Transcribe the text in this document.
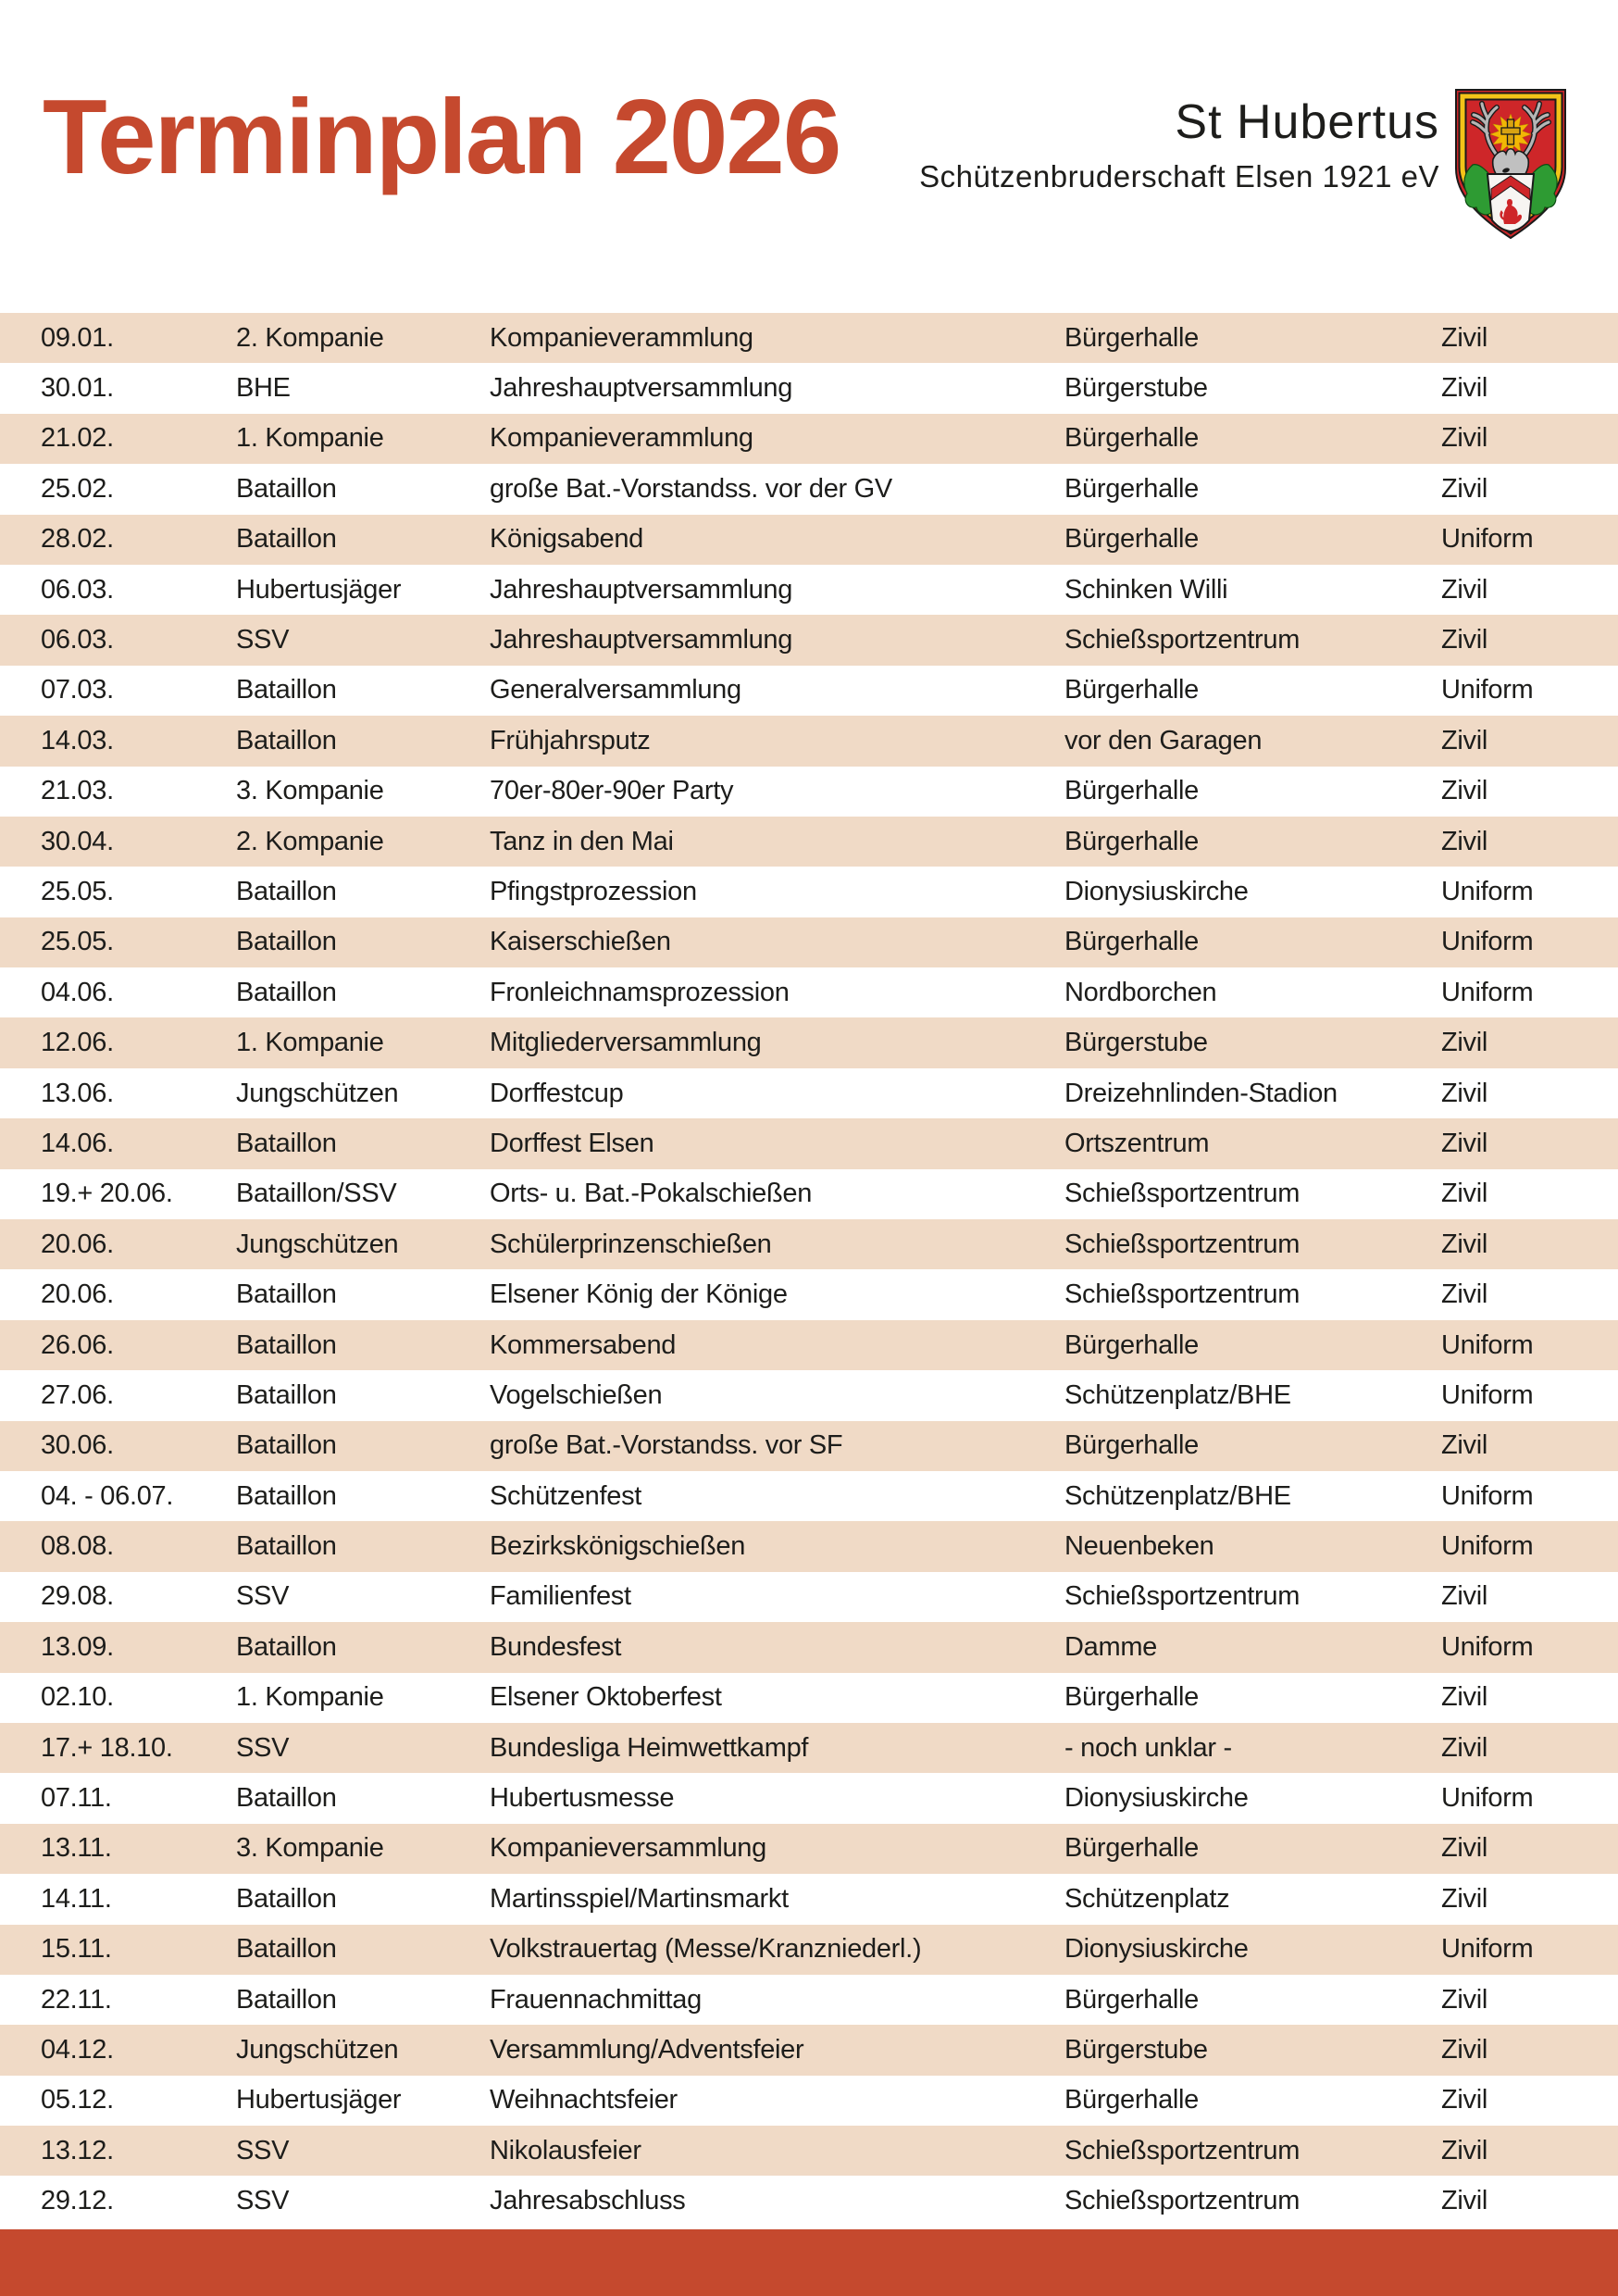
Terminplan 2026	St Hubertus
Schützenbruderschaft Elsen 1921 eV
09.01.	2. Kompanie	Kompanieverammlung	Bürgerhalle	Zivil
30.01.	BHE	Jahreshauptversammlung	Bürgerstube	Zivil
21.02.	1. Kompanie	Kompanieverammlung	Bürgerhalle	Zivil
25.02.	Bataillon	große Bat.-Vorstandss. vor der GV	Bürgerhalle	Zivil
28.02.	Bataillon	Königsabend	Bürgerhalle	Uniform
06.03.	Hubertusjäger	Jahreshauptversammlung	Schinken Willi	Zivil
06.03.	SSV	Jahreshauptversammlung	Schießsportzentrum	Zivil
07.03.	Bataillon	Generalversammlung	Bürgerhalle	Uniform
14.03.	Bataillon	Frühjahrsputz	vor den Garagen	Zivil
21.03.	3. Kompanie	70er-80er-90er Party	Bürgerhalle	Zivil
30.04.	2. Kompanie	Tanz in den Mai	Bürgerhalle	Zivil
25.05.	Bataillon	Pfingstprozession	Dionysiuskirche	Uniform
25.05.	Bataillon	Kaiserschießen	Bürgerhalle	Uniform
04.06.	Bataillon	Fronleichnamsprozession	Nordborchen	Uniform
12.06.	1. Kompanie	Mitgliederversammlung	Bürgerstube	Zivil
13.06.	Jungschützen	Dorffestcup	Dreizehnlinden-Stadion	Zivil
14.06.	Bataillon	Dorffest Elsen	Ortszentrum	Zivil
19.+ 20.06.	Bataillon/SSV	Orts- u. Bat.-Pokalschießen	Schießsportzentrum	Zivil
20.06.	Jungschützen	Schülerprinzenschießen	Schießsportzentrum	Zivil
20.06.	Bataillon	Elsener König der Könige	Schießsportzentrum	Zivil
26.06.	Bataillon	Kommersabend	Bürgerhalle	Uniform
27.06.	Bataillon	Vogelschießen	Schützenplatz/BHE	Uniform
30.06.	Bataillon	große Bat.-Vorstandss. vor SF	Bürgerhalle	Zivil
04. - 06.07.	Bataillon	Schützenfest	Schützenplatz/BHE	Uniform
08.08.	Bataillon	Bezirkskönigschießen	Neuenbeken	Uniform
29.08.	SSV	Familienfest	Schießsportzentrum	Zivil
13.09.	Bataillon	Bundesfest	Damme	Uniform
02.10.	1. Kompanie	Elsener Oktoberfest	Bürgerhalle	Zivil
17.+ 18.10.	SSV	Bundesliga Heimwettkampf	- noch unklar -	Zivil
07.11.	Bataillon	Hubertusmesse	Dionysiuskirche	Uniform
13.11.	3. Kompanie	Kompanieversammlung	Bürgerhalle	Zivil
14.11.	Bataillon	Martinsspiel/Martinsmarkt	Schützenplatz	Zivil
15.11.	Bataillon	Volkstrauertag (Messe/Kranzniederl.)	Dionysiuskirche	Uniform
22.11.	Bataillon	Frauennachmittag	Bürgerhalle	Zivil
04.12.	Jungschützen	Versammlung/Adventsfeier	Bürgerstube	Zivil
05.12.	Hubertusjäger	Weihnachtsfeier	Bürgerhalle	Zivil
13.12.	SSV	Nikolausfeier	Schießsportzentrum	Zivil
29.12.	SSV	Jahresabschluss	Schießsportzentrum	Zivil
